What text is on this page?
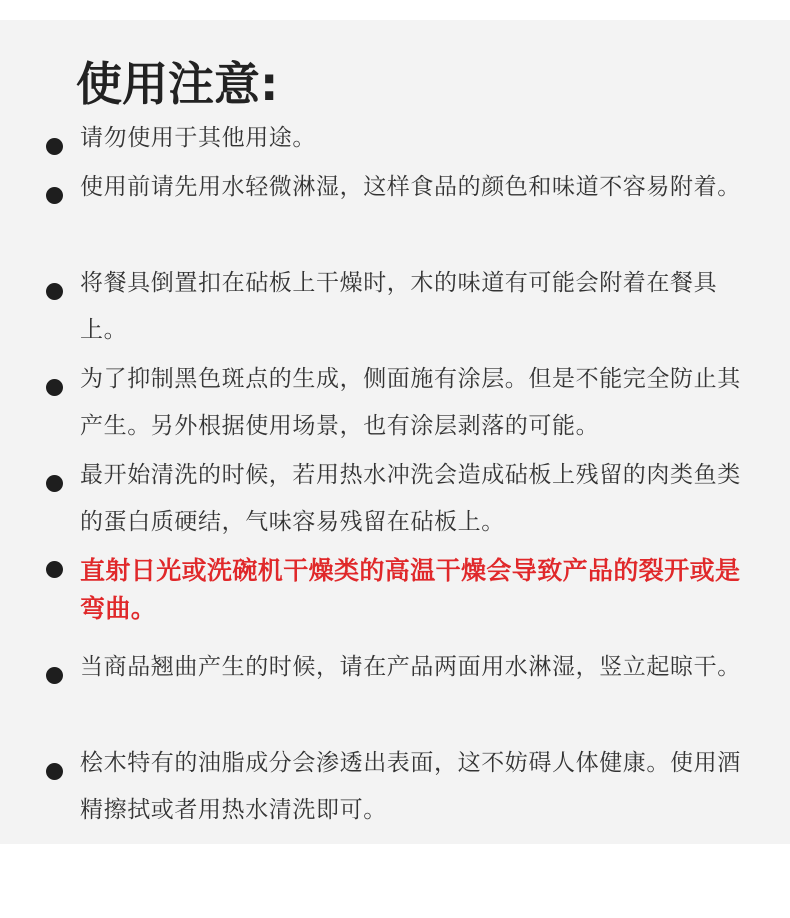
使用注意:

请勿使用于其他用途。

使用前请先用水轻微淋湿，这样食品的颜色和味道不容易附着。

将餐具倒置扣在砧板上干燥时，木的味道有可能会附着在餐具上。

为了抑制黑色斑点的生成，侧面施有涂层。但是不能完全防止其产生。另外根据使用场景，也有涂层剥落的可能。

最开始清洗的时候，若用热水冲洗会造成砧板上残留的肉类鱼类的蛋白质硬结，气味容易残留在砧板上。

直射日光或洗碗机干燥类的高温干燥会导致产品的裂开或是弯曲。

当商品翘曲产生的时候，请在产品两面用水淋湿，竖立起晾干。

桧木特有的油脂成分会渗透出表面，这不妨碍人体健康。使用酒精擦拭或者用热水清洗即可。
